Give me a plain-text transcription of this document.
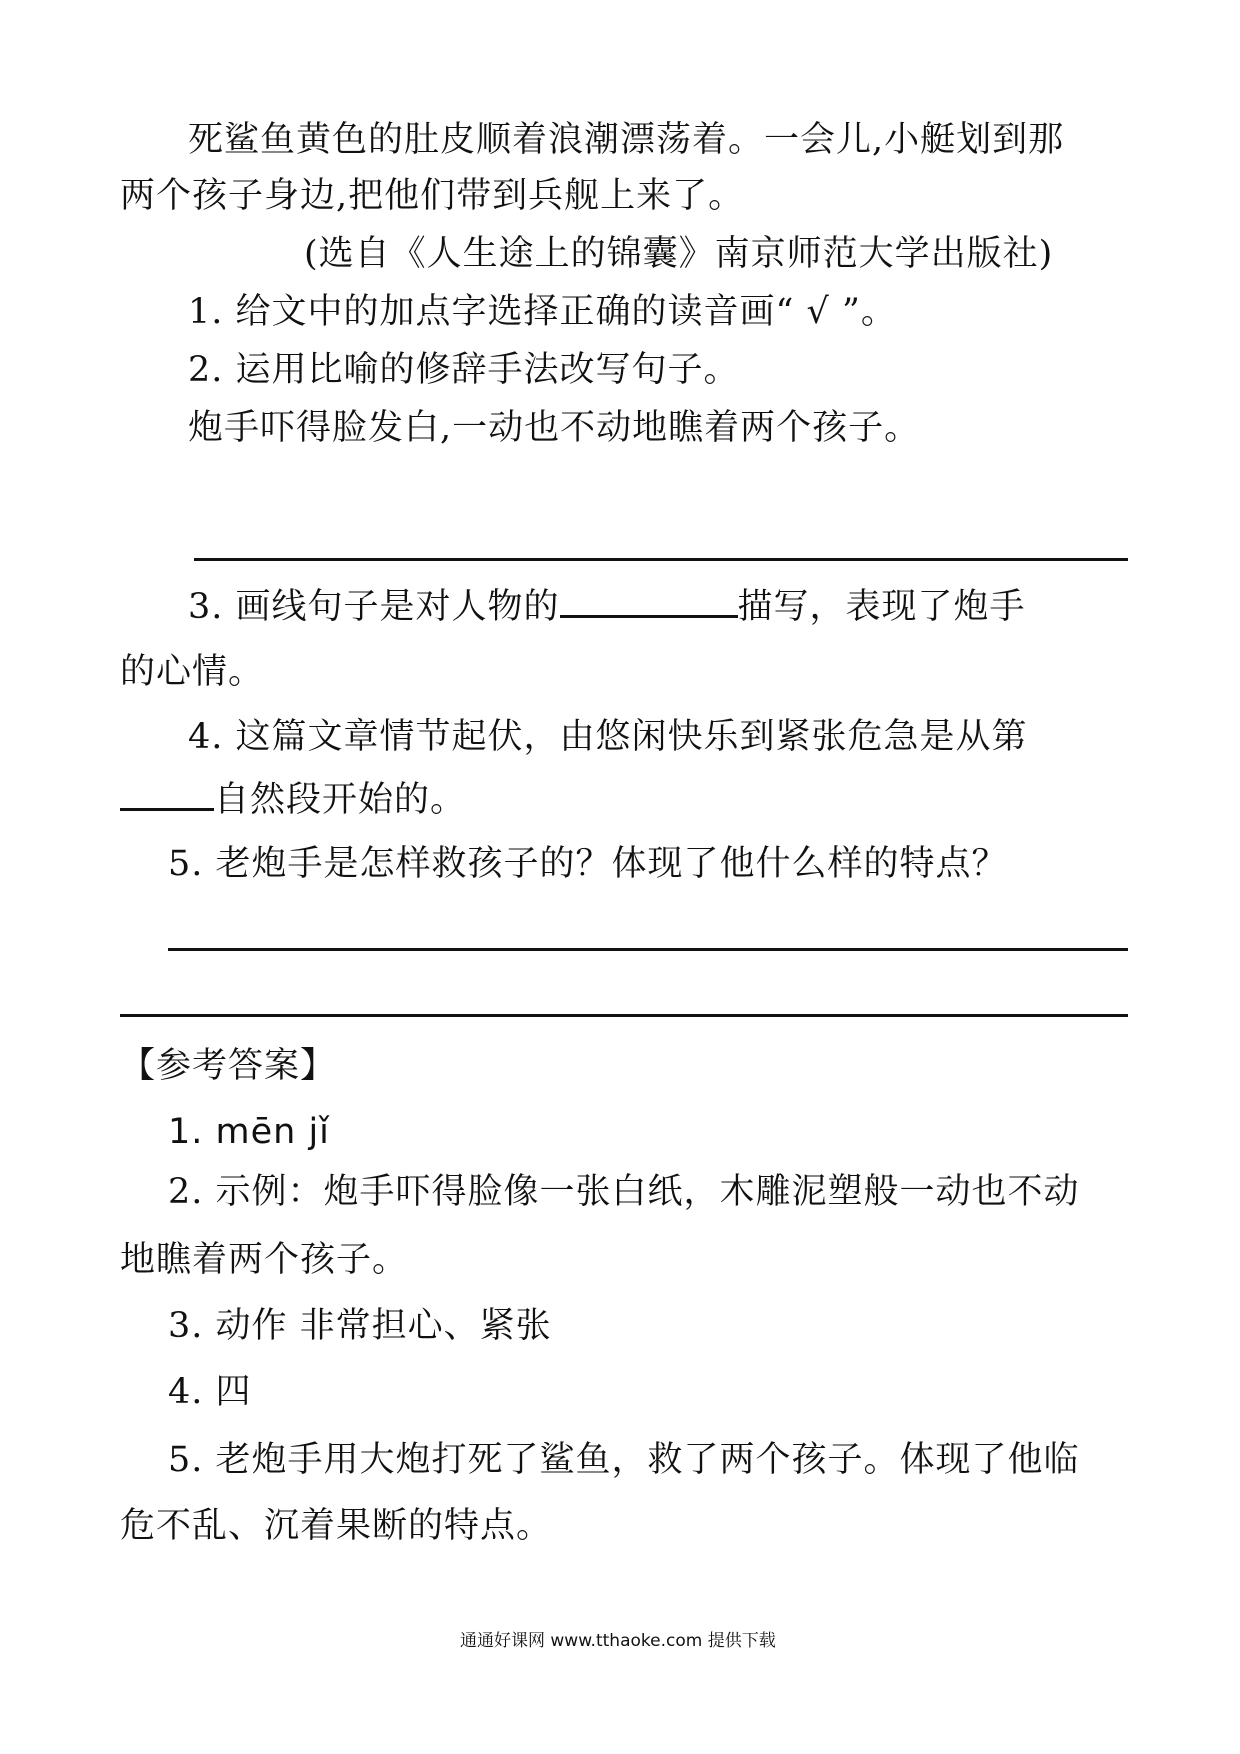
死鲨鱼黄色的肚皮顺着浪潮漂荡着。一会儿,小艇划到那
两个孩子身边,把他们带到兵舰上来了。
(选自《人生途上的锦囊》南京师范大学出版社)
1. 给文中的加点字选择正确的读音画“ √ ”。
2. 运用比喻的修辞手法改写句子。
炮手吓得脸发白,一动也不动地瞧着两个孩子。
3. 画线句子是对人物的	描写，表现了炮手
的心情。
4. 这篇文章情节起伏，由悠闲快乐到紧张危急是从第
自然段开始的。
5. 老炮手是怎样救孩子的？体现了他什么样的特点？
【参考答案】
1. mēn jǐ
2. 示例：炮手吓得脸像一张白纸，木雕泥塑般一动也不动
地瞧着两个孩子。
3. 动作 非常担心、紧张
4. 四
5. 老炮手用大炮打死了鲨鱼，救了两个孩子。体现了他临
危不乱、沉着果断的特点。
通通好课网 www.tthaoke.com 提供下载
